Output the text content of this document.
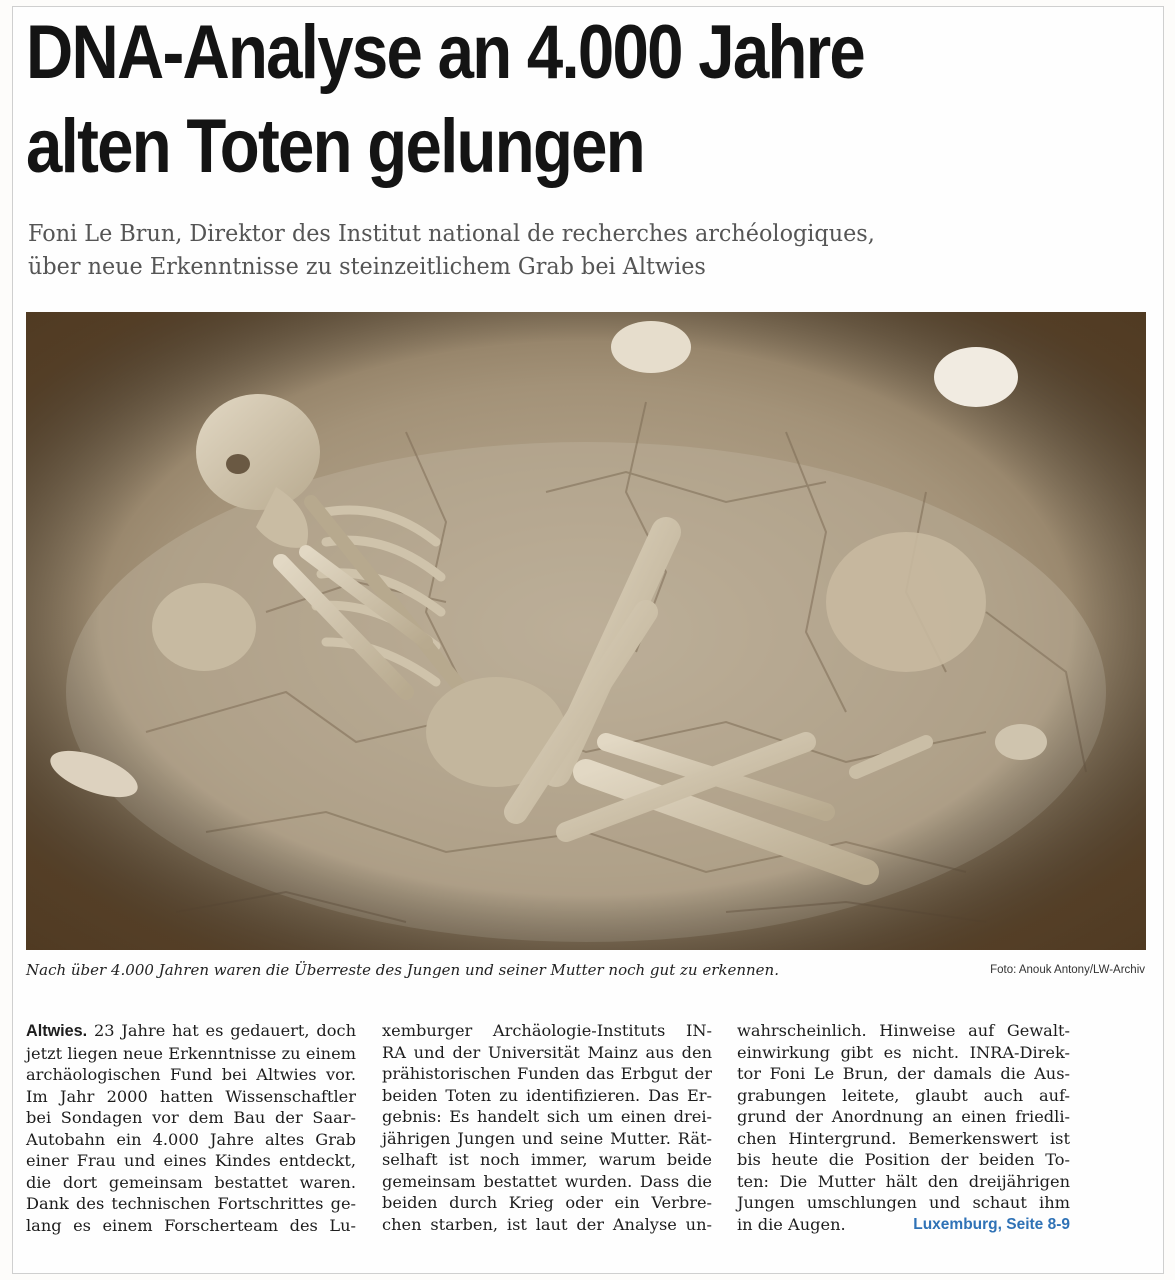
DNA-Analyse an 4.000 Jahre
alten Toten gelungen
Foni Le Brun, Direktor des Institut national de recherches archéologiques,
über neue Erkenntnisse zu steinzeitlichem Grab bei Altwies
Nach über 4.000 Jahren waren die Überreste des Jungen und seiner Mutter noch gut zu erkennen.	Foto: Anouk Antony/LW-Archiv
Altwies. 23 Jahre hat es gedauert, doch
jetzt liegen neue Erkenntnisse zu einem
archäologischen Fund bei Altwies vor.
Im Jahr 2000 hatten Wissenschaftler
bei Sondagen vor dem Bau der Saar-
Autobahn ein 4.000 Jahre altes Grab
einer Frau und eines Kindes entdeckt,
die dort gemeinsam bestattet waren.
Dank des technischen Fortschrittes ge-
lang es einem Forscherteam des Lu-
xemburger Archäologie-Instituts IN-
RA und der Universität Mainz aus den
prähistorischen Funden das Erbgut der
beiden Toten zu identifizieren. Das Er-
gebnis: Es handelt sich um einen drei-
jährigen Jungen und seine Mutter. Rät-
selhaft ist noch immer, warum beide
gemeinsam bestattet wurden. Dass die
beiden durch Krieg oder ein Verbre-
chen starben, ist laut der Analyse un-
wahrscheinlich. Hinweise auf Gewalt-
einwirkung gibt es nicht. INRA-Direk-
tor Foni Le Brun, der damals die Aus-
grabungen leitete, glaubt auch auf-
grund der Anordnung an einen friedli-
chen Hintergrund. Bemerkenswert ist
bis heute die Position der beiden To-
ten: Die Mutter hält den dreijährigen
Jungen umschlungen und schaut ihm
in die Augen.	Luxemburg, Seite 8-9
